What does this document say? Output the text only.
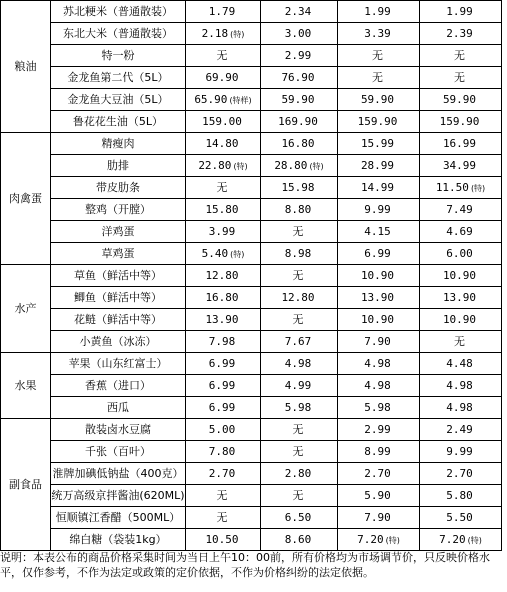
粮油	苏北粳米（普通散装）	1.79	2.34	1.99	1.99
	东北大米（普通散装）	2.18 (特)	3.00	3.39	2.39
	特一粉	无	2.99	无	无
	金龙鱼第二代（5L）	69.90	76.90	无	无
	金龙鱼大豆油（5L）	65.90 (特样)	59.90	59.90	59.90
	鲁花花生油（5L）	159.00	169.90	159.90	159.90
肉禽蛋	精瘦肉	14.80	16.80	15.99	16.99
	肋排	22.80 (特)	28.80 (特)	28.99	34.99
	带皮肋条	无	15.98	14.99	11.50 (特)
	整鸡（开膛）	15.80	8.80	9.99	7.49
	洋鸡蛋	3.99	无	4.15	4.69
	草鸡蛋	5.40 (特)	8.98	6.99	6.00
水产	草鱼（鲜活中等）	12.80	无	10.90	10.90
	鲫鱼（鲜活中等）	16.80	12.80	13.90	13.90
	花鲢（鲜活中等）	13.90	无	10.90	10.90
	小黄鱼（冰冻）	7.98	7.67	7.90	无
水果	苹果（山东红富士）	6.99	4.98	4.98	4.48
	香蕉（进口）	6.99	4.99	4.98	4.98
	西瓜	6.99	5.98	5.98	4.98
副食品	散装卤水豆腐	5.00	无	2.99	2.49
	千张（百叶）	7.80	无	8.99	9.99
	淮牌加碘低钠盐（400克）	2.70	2.80	2.70	2.70
	统万高级京拌酱油(620ML)	无	无	5.90	5.80
	恒顺镇江香醋（500ML）	无	6.50	7.90	5.50
	绵白糖（袋装1kg）	10.50	8.60	7.20 (特)	7.20 (特)
说明：本表公布的商品价格采集时间为当日上午10：00前，所有价格均为市场调节价，只反映价格水平，仅作参考，不作为法定或政策的定价依据，不作为价格纠纷的法定依据。
